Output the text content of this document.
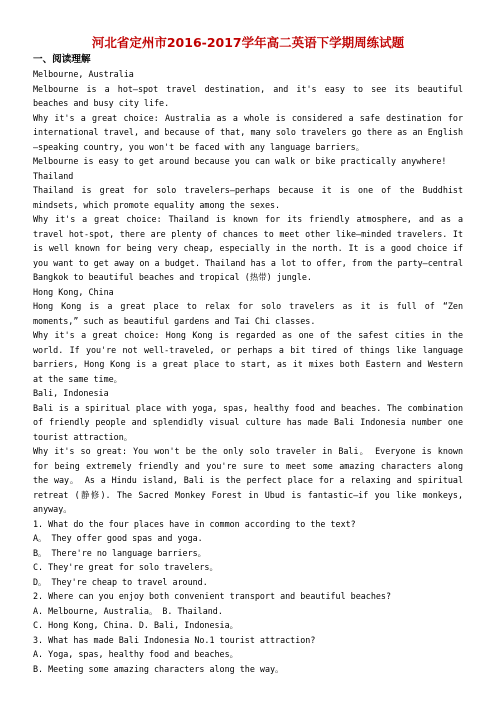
河北省定州市2016-2017学年高二英语下学期周练试题
一、阅读理解

Melbourne, Australia

Melbourne is a hot—spot travel destination, and it's easy to see its beautiful beaches and busy city life.

Why it's a great choice: Australia as a whole is considered a safe destination for international travel, and because of that, many solo travelers go there as an English—speaking country, you won't be faced with any language barriers。

Melbourne is easy to get around because you can walk or bike practically anywhere!

Thailand

Thailand is great for solo travelers—perhaps because it is one of the Buddhist mindsets, which promote equality among the sexes.

Why it's a great choice: Thailand is known for its friendly atmosphere, and as a travel hot-spot, there are plenty of chances to meet other like—minded travelers. It is well known for being very cheap, especially in the north. It is a good choice if you want to get away on a budget. Thailand has a lot to offer, from the party—central Bangkok to beautiful beaches and tropical (热带) jungle.

Hong Kong, China

Hong Kong is a great place to relax for solo travelers as it is full of “Zen moments,” such as beautiful gardens and Tai Chi classes.

Why it's a great choice: Hong Kong is regarded as one of the safest cities in the world. If you're not well-traveled, or perhaps a bit tired of things like language barriers, Hong Kong is a great place to start, as it mixes both Eastern and Western at the same time。

Bali, Indonesia

Bali is a spiritual place with yoga, spas, healthy food and beaches. The combination of friendly people and splendidly visual culture has made Bali Indonesia number one tourist attraction。

Why it's so great: You won't be the only solo traveler in Bali。 Everyone is known for being extremely friendly and you're sure to meet some amazing characters along the way。 As a Hindu island, Bali is the perfect place for a relaxing and spiritual retreat (静修). The Sacred Monkey Forest in Ubud is fantastic—if you like monkeys, anyway。

1. What do the four places have in common according to the text?

A。 They offer good spas and yoga.

B。 There're no language barriers。

C. They're great for solo travelers。

D。 They're cheap to travel around.

2. Where can you enjoy both convenient transport and beautiful beaches?

A. Melbourne, Australia。 B. Thailand.

C. Hong Kong, China. D. Bali, Indonesia。

3. What has made Bali Indonesia No.1 tourist attraction?

A. Yoga, spas, healthy food and beaches。

B. Meeting some amazing characters along the way。
